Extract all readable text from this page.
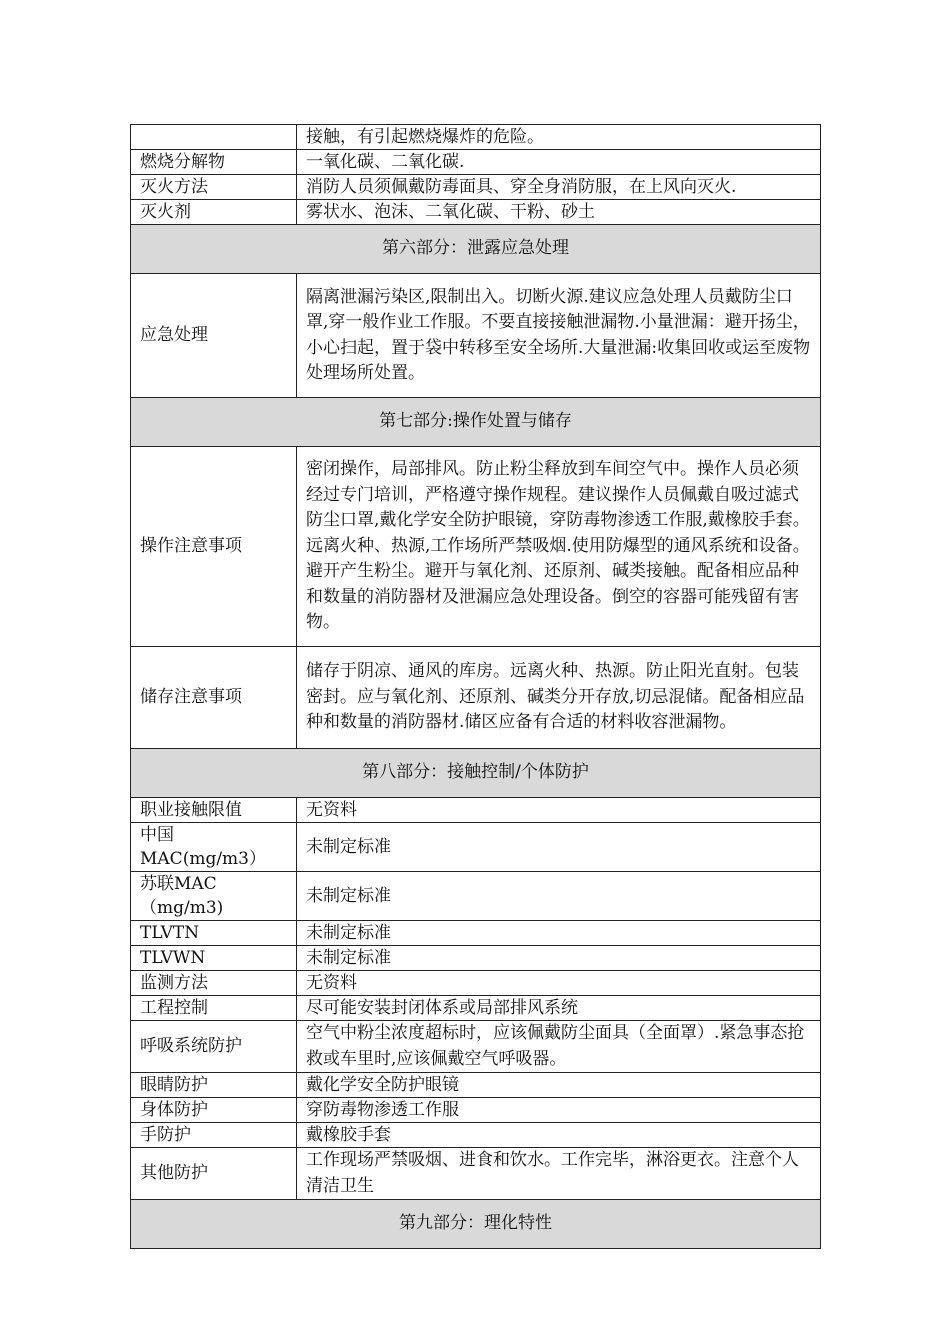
	接触，有引起燃烧爆炸的危险。
燃烧分解物	一氧化碳、二氧化碳.
灭火方法	消防人员须佩戴防毒面具、穿全身消防服，在上风向灭火.
灭火剂	雾状水、泡沫、二氧化碳、干粉、砂土
第六部分：泄露应急处理	
应急处理	隔离泄漏污染区,限制出入。切断火源.建议应急处理人员戴防尘口罩,穿一般作业工作服。不要直接接触泄漏物.小量泄漏：避开扬尘，小心扫起，置于袋中转移至安全场所.大量泄漏:收集回收或运至废物处理场所处置。
第七部分:操作处置与储存	
操作注意事项	密闭操作，局部排风。防止粉尘释放到车间空气中。操作人员必须经过专门培训，严格遵守操作规程。建议操作人员佩戴自吸过滤式防尘口罩,戴化学安全防护眼镜，穿防毒物渗透工作服,戴橡胶手套。远离火种、热源,工作场所严禁吸烟.使用防爆型的通风系统和设备。避开产生粉尘。避开与氧化剂、还原剂、碱类接触。配备相应品种和数量的消防器材及泄漏应急处理设备。倒空的容器可能残留有害物。
储存注意事项	储存于阴凉、通风的库房。远离火种、热源。防止阳光直射。包装密封。应与氧化剂、还原剂、碱类分开存放,切忌混储。配备相应品种和数量的消防器材.储区应备有合适的材料收容泄漏物。
第八部分：接触控制/个体防护	
职业接触限值	无资料
中国MAC(mg/m3）	未制定标准
苏联MAC（mg/m3)	未制定标准
TLVTN	未制定标准
TLVWN	未制定标准
监测方法	无资料
工程控制	尽可能安装封闭体系或局部排风系统
呼吸系统防护	空气中粉尘浓度超标时，应该佩戴防尘面具（全面罩）.紧急事态抢救或车里时,应该佩戴空气呼吸器。
眼睛防护	戴化学安全防护眼镜
身体防护	穿防毒物渗透工作服
手防护	戴橡胶手套
其他防护	工作现场严禁吸烟、进食和饮水。工作完毕，淋浴更衣。注意个人清洁卫生
第九部分：理化特性	
